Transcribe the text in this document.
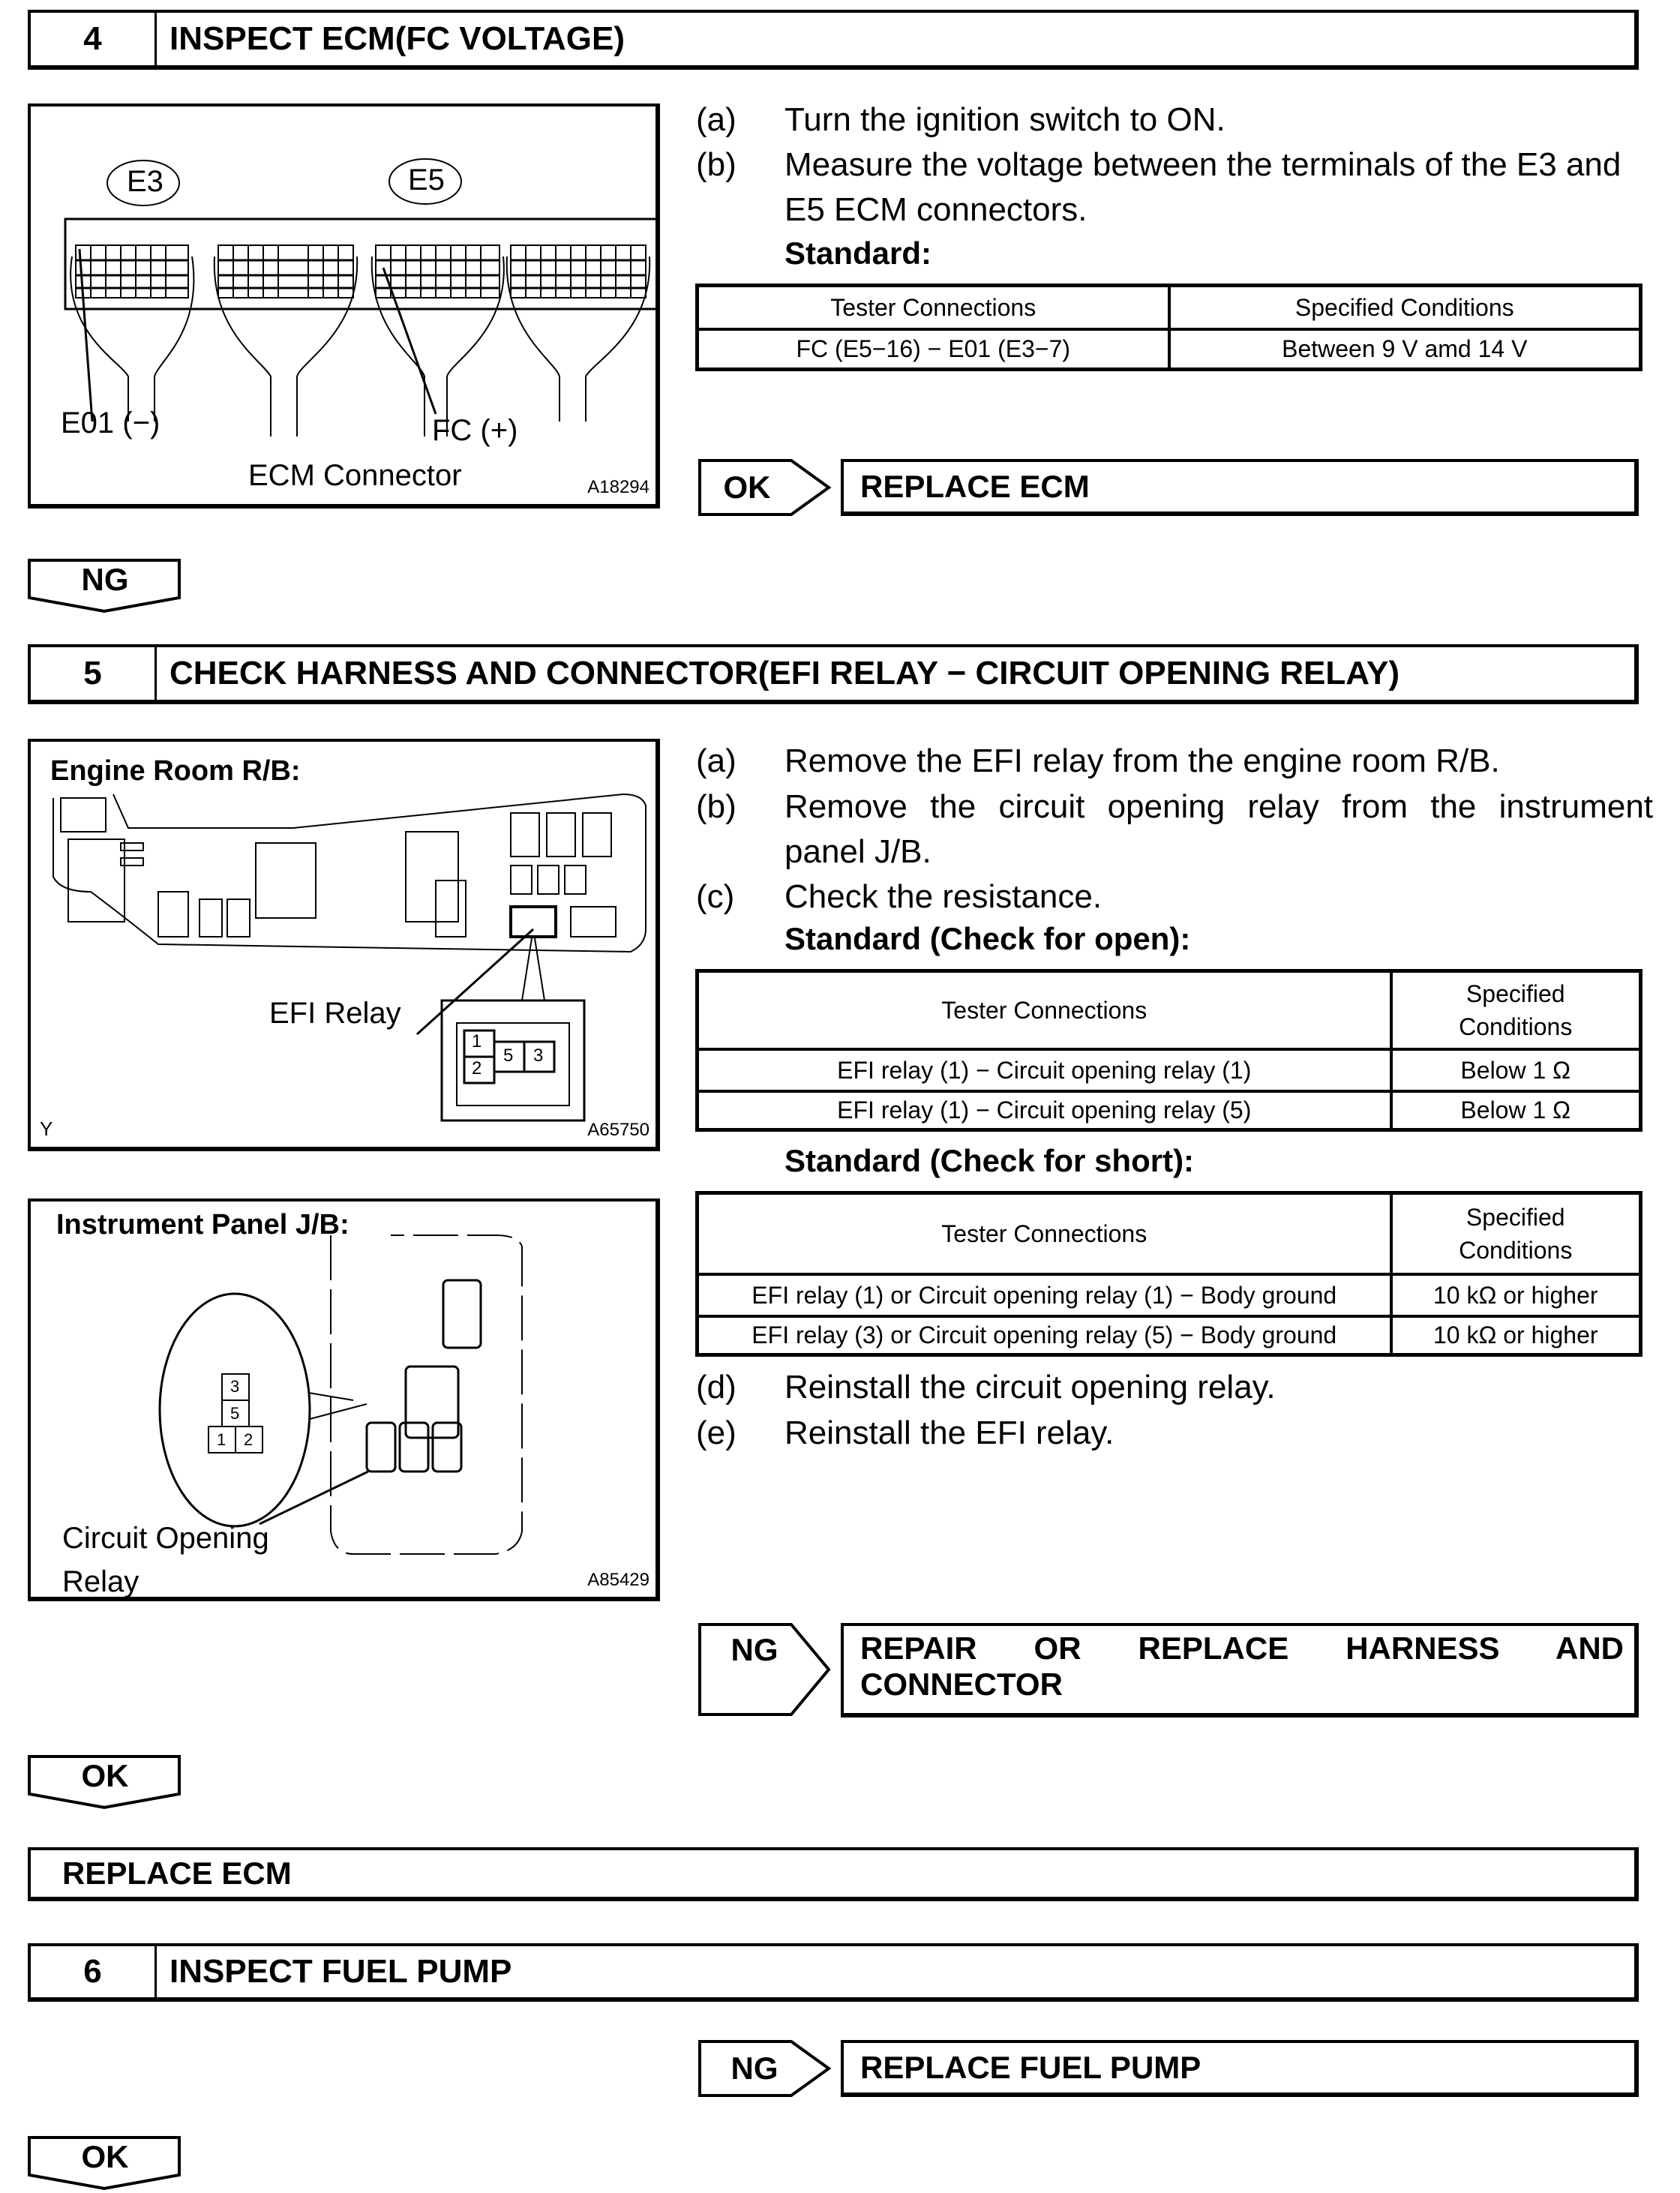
4	INSPECT ECM(FC VOLTAGE)
E3	E5
E01 (−)	FC (+)
ECM Connector	A18294
(a) Turn the ignition switch to ON.
(b) Measure the voltage between the terminals of the E3 and
E5 ECM connectors.
Standard:
Tester Connections	Specified Conditions
FC (E5−16) − E01 (E3−7)	Between 9 V amd 14 V
OK	REPLACE ECM
NG
5	CHECK HARNESS AND CONNECTOR(EFI RELAY − CIRCUIT OPENING RELAY)
Engine Room R/B:
EFI Relay
1
2
5 3
Y	A65750
Instrument Panel J/B:
3
5
1 2
Circuit Opening
Relay	A85429
(a) Remove the EFI relay from the engine room R/B.
(b) Remove the circuit opening relay from the instrument
panel J/B.
(c) Check the resistance.
Standard (Check for open):
Tester Connections	Specified
Conditions

EFI relay (1) − Circuit opening relay (1)	Below 1 Ω
EFI relay (1) − Circuit opening relay (5)	Below 1 Ω
Standard (Check for short):
Tester Connections	Specified
Conditions

EFI relay (1) or Circuit opening relay (1) − Body ground	10 kΩ or higher
EFI relay (3) or Circuit opening relay (5) − Body ground	10 kΩ or higher
(d) Reinstall the circuit opening relay.
(e) Reinstall the EFI relay.
NG	REPAIR OR REPLACE HARNESS AND CONNECTOR
OK
REPLACE ECM
6	INSPECT FUEL PUMP
NG	REPLACE FUEL PUMP
OK
